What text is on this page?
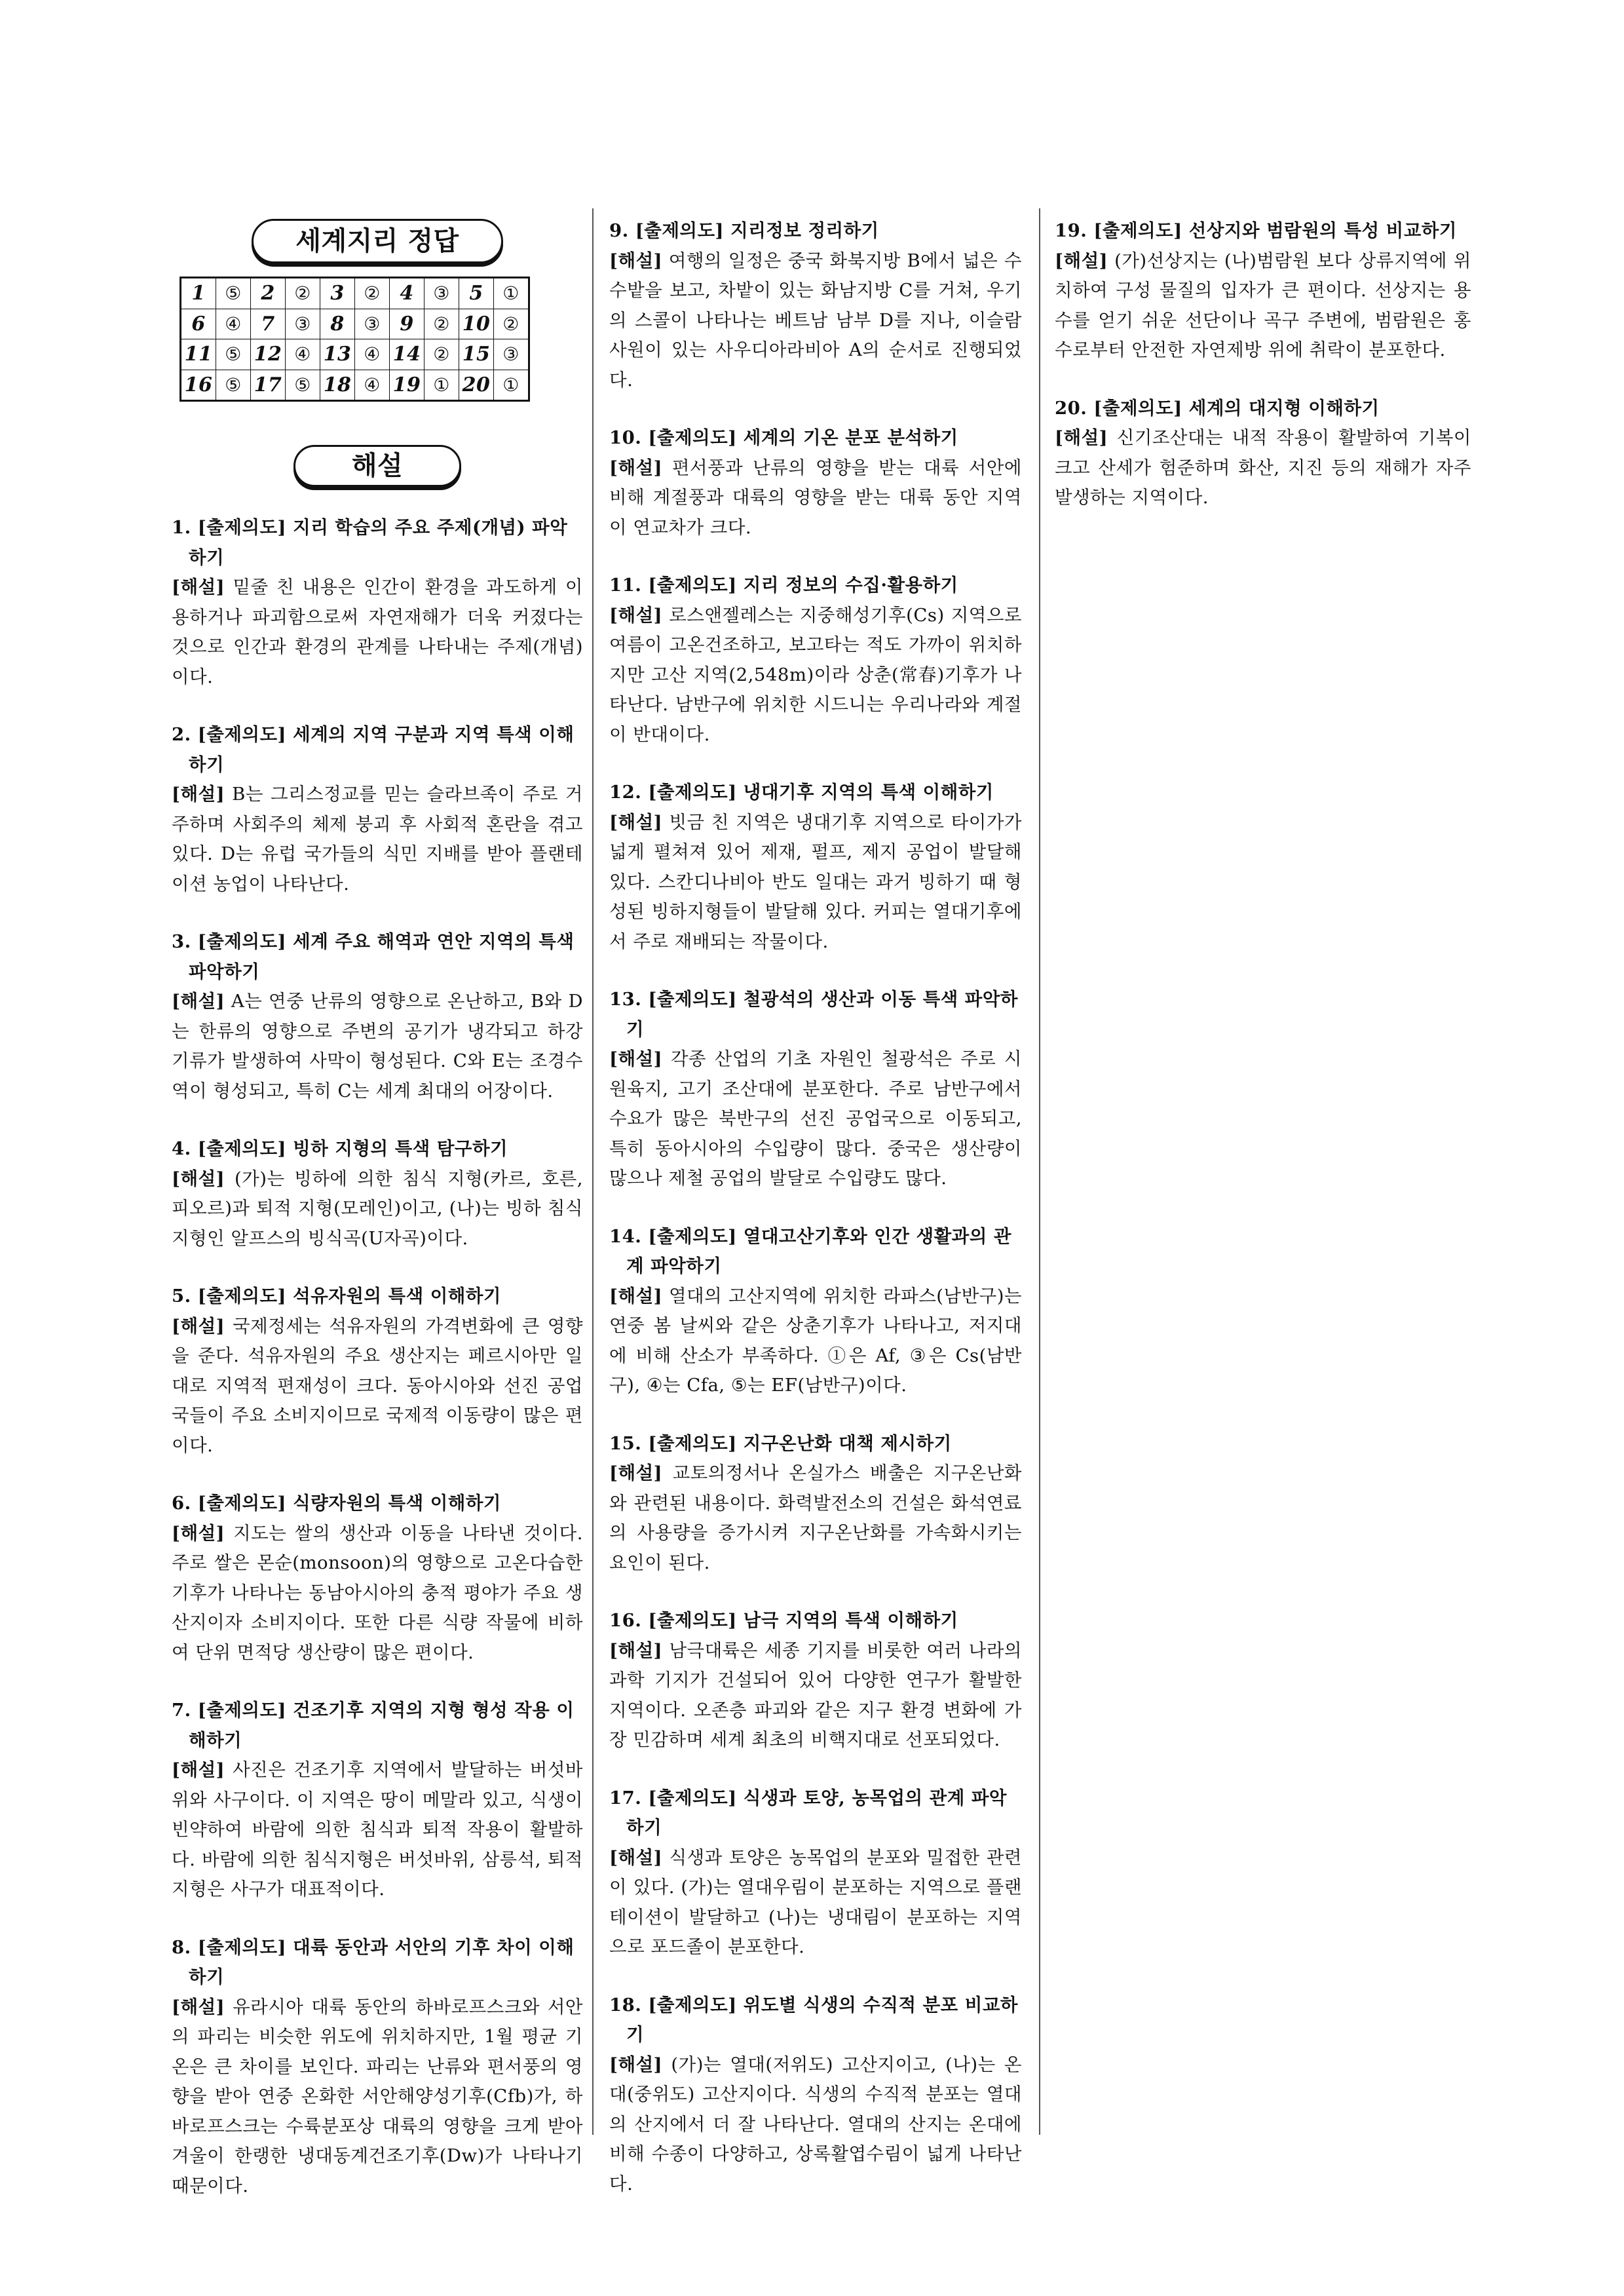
세계지리 정답
1	⑤	2	②	3	②	4	③	5	①
6	④	7	③	8	③	9	②	10	②
11	⑤	12	④	13	④	14	②	15	③
16	⑤	17	⑤	18	④	19	①	20	①
해설
1. [출제의도] 지리 학습의 주요 주제(개념) 파악하기
[해설] 밑줄 친 내용은 인간이 환경을 과도하게 이용하거나 파괴함으로써 자연재해가 더욱 커졌다는 것으로 인간과 환경의 관계를 나타내는 주제(개념)이다.
2. [출제의도] 세계의 지역 구분과 지역 특색 이해하기
[해설] B는 그리스정교를 믿는 슬라브족이 주로 거주하며 사회주의 체제 붕괴 후 사회적 혼란을 겪고 있다. D는 유럽 국가들의 식민 지배를 받아 플랜테이션 농업이 나타난다.
3. [출제의도] 세계 주요 해역과 연안 지역의 특색 파악하기
[해설] A는 연중 난류의 영향으로 온난하고, B와 D는 한류의 영향으로 주변의 공기가 냉각되고 하강 기류가 발생하여 사막이 형성된다. C와 E는 조경수역이 형성되고, 특히 C는 세계 최대의 어장이다.
4. [출제의도] 빙하 지형의 특색 탐구하기
[해설] (가)는 빙하에 의한 침식 지형(카르, 호른, 피오르)과 퇴적 지형(모레인)이고, (나)는 빙하 침식 지형인 알프스의 빙식곡(U자곡)이다.
5. [출제의도] 석유자원의 특색 이해하기
[해설] 국제정세는 석유자원의 가격변화에 큰 영향을 준다. 석유자원의 주요 생산지는 페르시아만 일대로 지역적 편재성이 크다. 동아시아와 선진 공업국들이 주요 소비지이므로 국제적 이동량이 많은 편이다.
6. [출제의도] 식량자원의 특색 이해하기
[해설] 지도는 쌀의 생산과 이동을 나타낸 것이다. 주로 쌀은 몬순(monsoon)의 영향으로 고온다습한 기후가 나타나는 동남아시아의 충적 평야가 주요 생산지이자 소비지이다. 또한 다른 식량 작물에 비하여 단위 면적당 생산량이 많은 편이다.
7. [출제의도] 건조기후 지역의 지형 형성 작용 이해하기
[해설] 사진은 건조기후 지역에서 발달하는 버섯바위와 사구이다. 이 지역은 땅이 메말라 있고, 식생이 빈약하여 바람에 의한 침식과 퇴적 작용이 활발하다. 바람에 의한 침식지형은 버섯바위, 삼릉석, 퇴적지형은 사구가 대표적이다.
8. [출제의도] 대륙 동안과 서안의 기후 차이 이해하기
[해설] 유라시아 대륙 동안의 하바로프스크와 서안의 파리는 비슷한 위도에 위치하지만, 1월 평균 기온은 큰 차이를 보인다. 파리는 난류와 편서풍의 영향을 받아 연중 온화한 서안해양성기후(Cfb)가, 하바로프스크는 수륙분포상 대륙의 영향을 크게 받아 겨울이 한랭한 냉대동계건조기후(Dw)가 나타나기 때문이다.
9. [출제의도] 지리정보 정리하기
[해설] 여행의 일정은 중국 화북지방 B에서 넓은 수수밭을 보고, 차밭이 있는 화남지방 C를 거쳐, 우기의 스콜이 나타나는 베트남 남부 D를 지나, 이슬람사원이 있는 사우디아라비아 A의 순서로 진행되었다.
10. [출제의도] 세계의 기온 분포 분석하기
[해설] 편서풍과 난류의 영향을 받는 대륙 서안에 비해 계절풍과 대륙의 영향을 받는 대륙 동안 지역이 연교차가 크다.
11. [출제의도] 지리 정보의 수집·활용하기
[해설] 로스앤젤레스는 지중해성기후(Cs) 지역으로 여름이 고온건조하고, 보고타는 적도 가까이 위치하지만 고산 지역(2,548m)이라 상춘(常春)기후가 나타난다. 남반구에 위치한 시드니는 우리나라와 계절이 반대이다.
12. [출제의도] 냉대기후 지역의 특색 이해하기
[해설] 빗금 친 지역은 냉대기후 지역으로 타이가가 넓게 펼쳐져 있어 제재, 펄프, 제지 공업이 발달해 있다. 스칸디나비아 반도 일대는 과거 빙하기 때 형성된 빙하지형들이 발달해 있다. 커피는 열대기후에서 주로 재배되는 작물이다.
13. [출제의도] 철광석의 생산과 이동 특색 파악하기
[해설] 각종 산업의 기초 자원인 철광석은 주로 시원육지, 고기 조산대에 분포한다. 주로 남반구에서 수요가 많은 북반구의 선진 공업국으로 이동되고, 특히 동아시아의 수입량이 많다. 중국은 생산량이 많으나 제철 공업의 발달로 수입량도 많다.
14. [출제의도] 열대고산기후와 인간 생활과의 관계 파악하기
[해설] 열대의 고산지역에 위치한 라파스(남반구)는 연중 봄 날씨와 같은 상춘기후가 나타나고, 저지대에 비해 산소가 부족하다. ①은 Af, ③은 Cs(남반구), ④는 Cfa, ⑤는 EF(남반구)이다.
15. [출제의도] 지구온난화 대책 제시하기
[해설] 교토의정서나 온실가스 배출은 지구온난화와 관련된 내용이다. 화력발전소의 건설은 화석연료의 사용량을 증가시켜 지구온난화를 가속화시키는 요인이 된다.
16. [출제의도] 남극 지역의 특색 이해하기
[해설] 남극대륙은 세종 기지를 비롯한 여러 나라의 과학 기지가 건설되어 있어 다양한 연구가 활발한 지역이다. 오존층 파괴와 같은 지구 환경 변화에 가장 민감하며 세계 최초의 비핵지대로 선포되었다.
17. [출제의도] 식생과 토양, 농목업의 관계 파악하기
[해설] 식생과 토양은 농목업의 분포와 밀접한 관련이 있다. (가)는 열대우림이 분포하는 지역으로 플랜테이션이 발달하고 (나)는 냉대림이 분포하는 지역으로 포드졸이 분포한다.
18. [출제의도] 위도별 식생의 수직적 분포 비교하기
[해설] (가)는 열대(저위도) 고산지이고, (나)는 온대(중위도) 고산지이다. 식생의 수직적 분포는 열대의 산지에서 더 잘 나타난다. 열대의 산지는 온대에 비해 수종이 다양하고, 상록활엽수림이 넓게 나타난다.
19. [출제의도] 선상지와 범람원의 특성 비교하기
[해설] (가)선상지는 (나)범람원 보다 상류지역에 위치하여 구성 물질의 입자가 큰 편이다. 선상지는 용수를 얻기 쉬운 선단이나 곡구 주변에, 범람원은 홍수로부터 안전한 자연제방 위에 취락이 분포한다.
20. [출제의도] 세계의 대지형 이해하기
[해설] 신기조산대는 내적 작용이 활발하여 기복이 크고 산세가 험준하며 화산, 지진 등의 재해가 자주 발생하는 지역이다.
